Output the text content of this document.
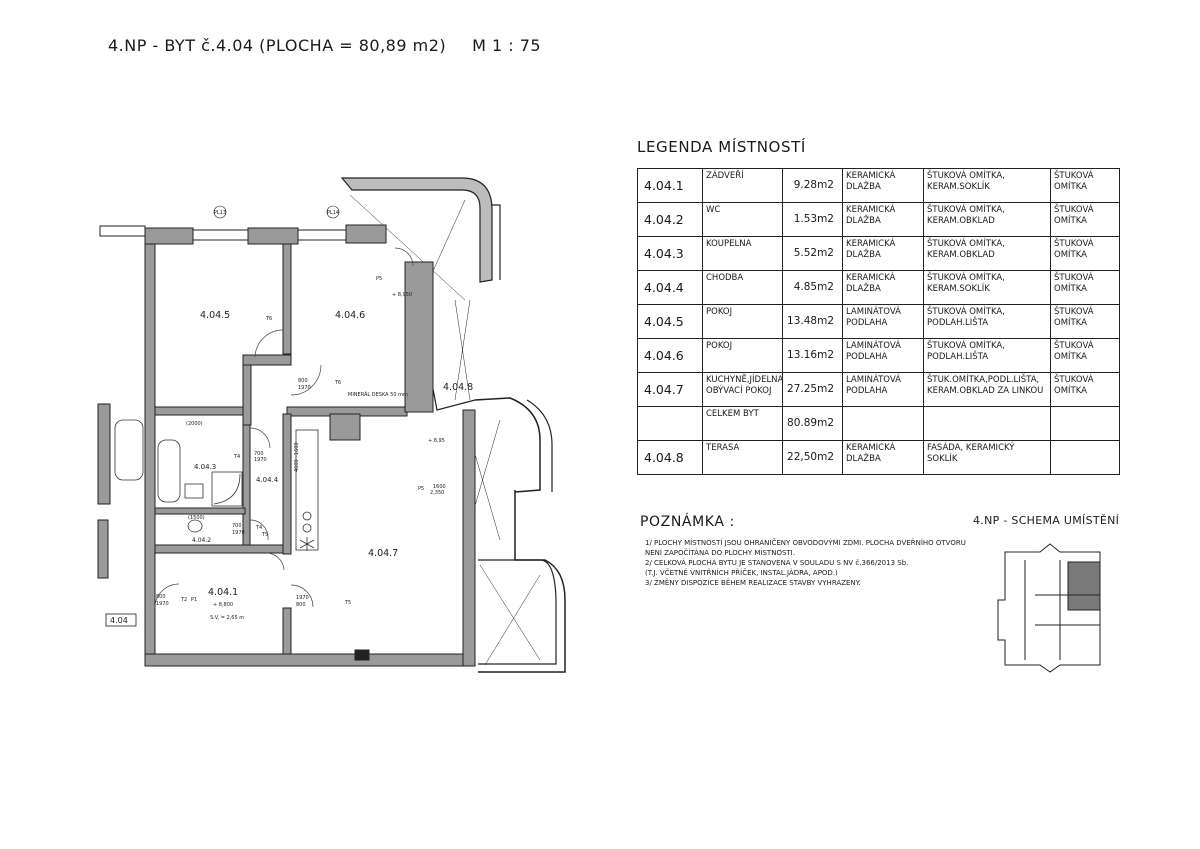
4.NP - BYT č.4.04 (PLOCHA = 80,89 m2) M 1 : 75
LEGENDA MÍSTNOSTÍ
4.04.1	ZÁDVEŘÍ	9.28m2	KERAMICKÁ DLAŽBA	ŠTUKOVÁ OMÍTKA, KERAM.SOKLÍK	ŠTUKOVÁ OMÍTKA
4.04.2	WC	1.53m2	KERAMICKÁ DLAŽBA	ŠTUKOVÁ OMÍTKA, KERAM.OBKLAD	ŠTUKOVÁ OMÍTKA
4.04.3	KOUPELNA	5.52m2	KERAMICKÁ DLAŽBA	ŠTUKOVÁ OMÍTKA, KERAM.OBKLAD	ŠTUKOVÁ OMÍTKA
4.04.4	CHODBA	4.85m2	KERAMICKÁ DLAŽBA	ŠTUKOVÁ OMÍTKA, KERAM.SOKLÍK	ŠTUKOVÁ OMÍTKA
4.04.5	POKOJ	13.48m2	LAMINÁTOVÁ PODLAHA	ŠTUKOVÁ OMÍTKA, PODLAH.LIŠTA	ŠTUKOVÁ OMÍTKA
4.04.6	POKOJ	13.16m2	LAMINÁTOVÁ PODLAHA	ŠTUKOVÁ OMÍTKA, PODLAH.LIŠTA	ŠTUKOVÁ OMÍTKA
4.04.7	KUCHYNĚ,JÍDELNA OBÝVACÍ POKOJ	27.25m2	LAMINÁTOVÁ PODLAHA	ŠTUK.OMÍTKA,PODL.LIŠTA, KERAM.OBKLAD ZA LINKOU	ŠTUKOVÁ OMÍTKA
	CELKEM BYT	80.89m2			
4.04.8	TERASA	22,50m2	KERAMICKÁ DLAŽBA	FASÁDA, KERAMICKÝ SOKLÍK	
POZNÁMKA :	4.NP - SCHEMA UMÍSTĚNÍ
1/ PLOCHY MÍSTNOSTÍ JSOU OHRANIČENY OBVODOVÝMI ZDMI. PLOCHA DVEŘNÍHO OTVORU
NENÍ ZAPOČÍTÁNA DO PLOCHY MÍSTNOSTI.
2/ CELKOVÁ PLOCHA BYTU JE STANOVENA V SOULADU S NV č.366/2013 Sb.
(T.J. VČETNĚ VNITŘNÍCH PŘÍČEK, INSTAL.JÁDRA, APOD.)
3/ ZMĚNY DISPOZICE BĚHEM REALIZACE STAVBY VYHRAZENY.
PL13	PL14
4.04.5	4.04.6
4.04.8
4.04.4
4.04.3
4.04.2
4.04.7
4.04.1
4.04
+ 8,800
S.V. = 2,65 m
+ 8,950
+ 8,95
2,350
1600
MINERÁL DESKA 50 mm
800
1970
700
1970
700
1970
800
1970
1970
800
(1500)
(2000)
4000~1600
T6
T6
T4
T4
T5
T2	T5
P5
P5
P1
